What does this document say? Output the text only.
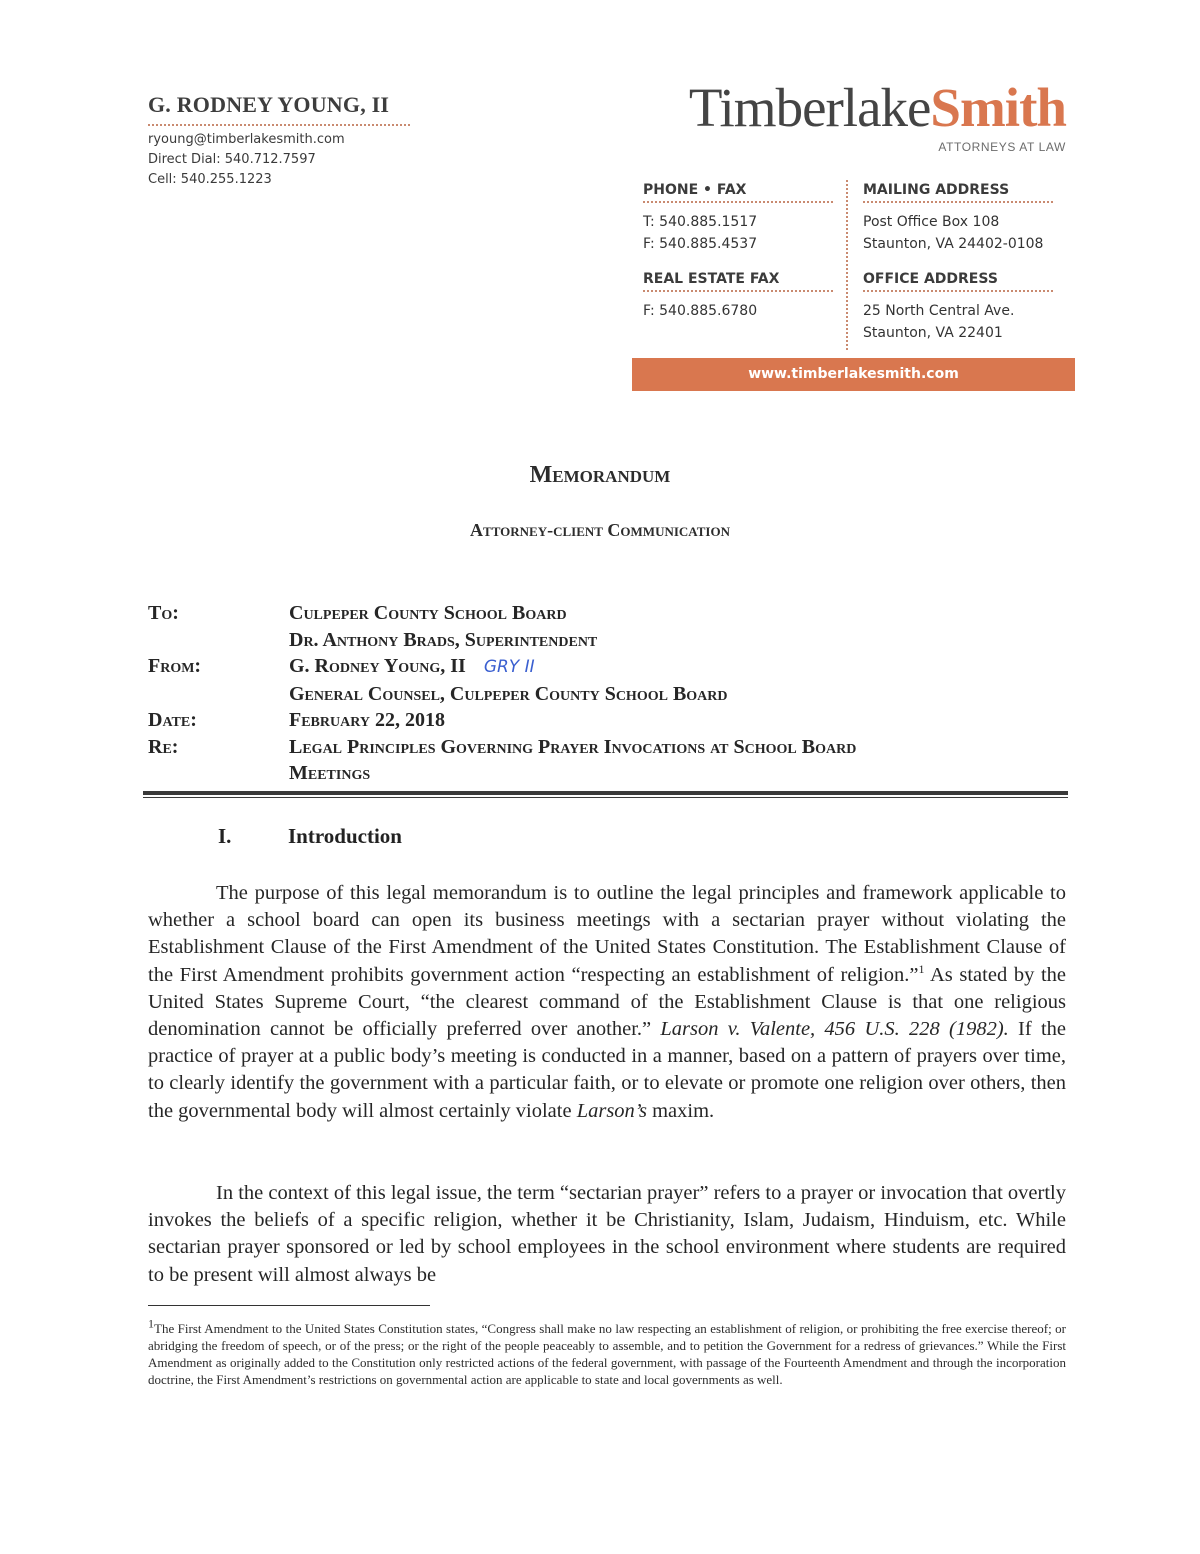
G. RODNEY YOUNG, II
ryoung@timberlakesmith.com
Direct Dial: 540.712.7597
Cell: 540.255.1223
TimberlakeSmith
ATTORNEYS AT LAW
PHONE • FAX
T: 540.885.1517
F: 540.885.4537
REAL ESTATE FAX
F: 540.885.6780
MAILING ADDRESS
Post Office Box 108
Staunton, VA 24402-0108
OFFICE ADDRESS
25 North Central Ave.
Staunton, VA 22401
www.timberlakesmith.com
Memorandum
Attorney-client Communication
To:	Culpeper County School Board
Dr. Anthony Brads, Superintendent
From:	G. Rodney Young, II GRY II
General Counsel, Culpeper County School Board
Date:	February 22, 2018
Re:	Legal Principles Governing Prayer Invocations at School Board
Meetings
I.	Introduction
The purpose of this legal memorandum is to outline the legal principles and framework applicable to whether a school board can open its business meetings with a sectarian prayer without violating the Establishment Clause of the First Amendment of the United States Constitution. The Establishment Clause of the First Amendment prohibits government action “respecting an establishment of religion.”$^1$ As stated by the United States Supreme Court, “the clearest command of the Establishment Clause is that one religious denomination cannot be officially preferred over another.” Larson v. Valente, 456 U.S. 228 (1982). If the practice of prayer at a public body’s meeting is conducted in a manner, based on a pattern of prayers over time, to clearly identify the government with a particular faith, or to elevate or promote one religion over others, then the governmental body will almost certainly violate Larson’s maxim.
In the context of this legal issue, the term “sectarian prayer” refers to a prayer or invocation that overtly invokes the beliefs of a specific religion, whether it be Christianity, Islam, Judaism, Hinduism, etc. While sectarian prayer sponsored or led by school employees in the school environment where students are required to be present will almost always be
$^1$The First Amendment to the United States Constitution states, “Congress shall make no law respecting an establishment of religion, or prohibiting the free exercise thereof; or abridging the freedom of speech, or of the press; or the right of the people peaceably to assemble, and to petition the Government for a redress of grievances.” While the First Amendment as originally added to the Constitution only restricted actions of the federal government, with passage of the Fourteenth Amendment and through the incorporation doctrine, the First Amendment’s restrictions on governmental action are applicable to state and local governments as well.
